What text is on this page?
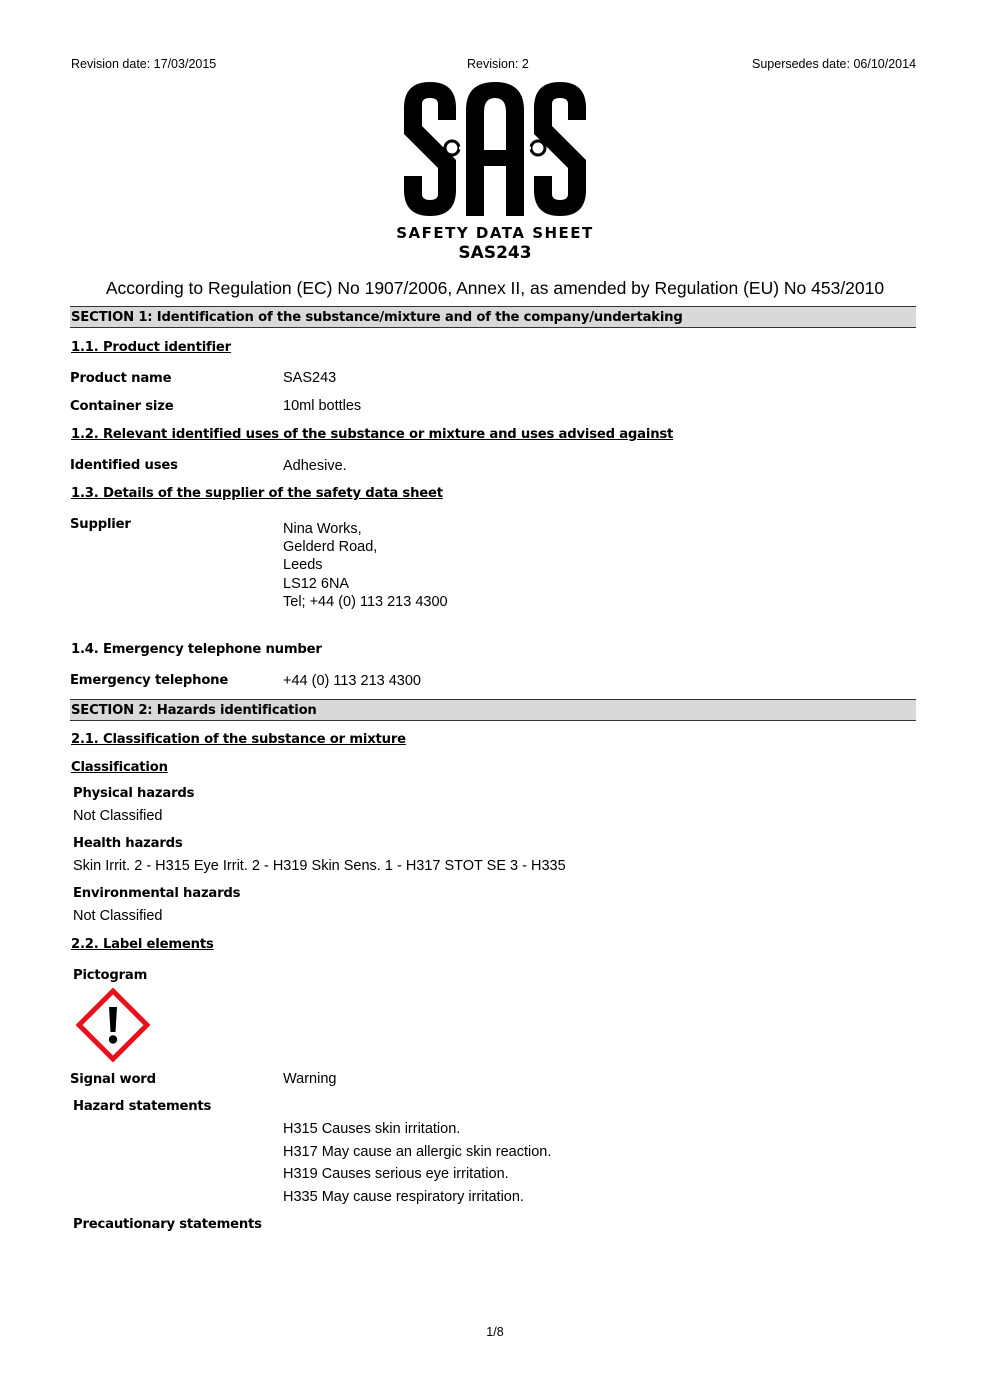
Revision date: 17/03/2015	Revision: 2	Supersedes date: 06/10/2014
SAFETY DATA SHEET
SAS243
According to Regulation (EC) No 1907/2006, Annex II, as amended by Regulation (EU) No 453/2010
SECTION 1: Identification of the substance/mixture and of the company/undertaking
1.1. Product identifier
Product name	SAS243
Container size	10ml bottles
1.2. Relevant identified uses of the substance or mixture and uses advised against
Identified uses	Adhesive.
1.3. Details of the supplier of the safety data sheet
Supplier	Nina Works,
Gelderd Road,
Leeds
LS12 6NA
Tel; +44 (0) 113 213 4300
1.4. Emergency telephone number
Emergency telephone	+44 (0) 113 213 4300
SECTION 2: Hazards identification
2.1. Classification of the substance or mixture
Classification
Physical hazards
Not Classified
Health hazards
Skin Irrit. 2 - H315 Eye Irrit. 2 - H319 Skin Sens. 1 - H317 STOT SE 3 - H335
Environmental hazards
Not Classified
2.2. Label elements
Pictogram
Signal word	Warning
Hazard statements
H315 Causes skin irritation.
H317 May cause an allergic skin reaction.
H319 Causes serious eye irritation.
H335 May cause respiratory irritation.
Precautionary statements
1/8
